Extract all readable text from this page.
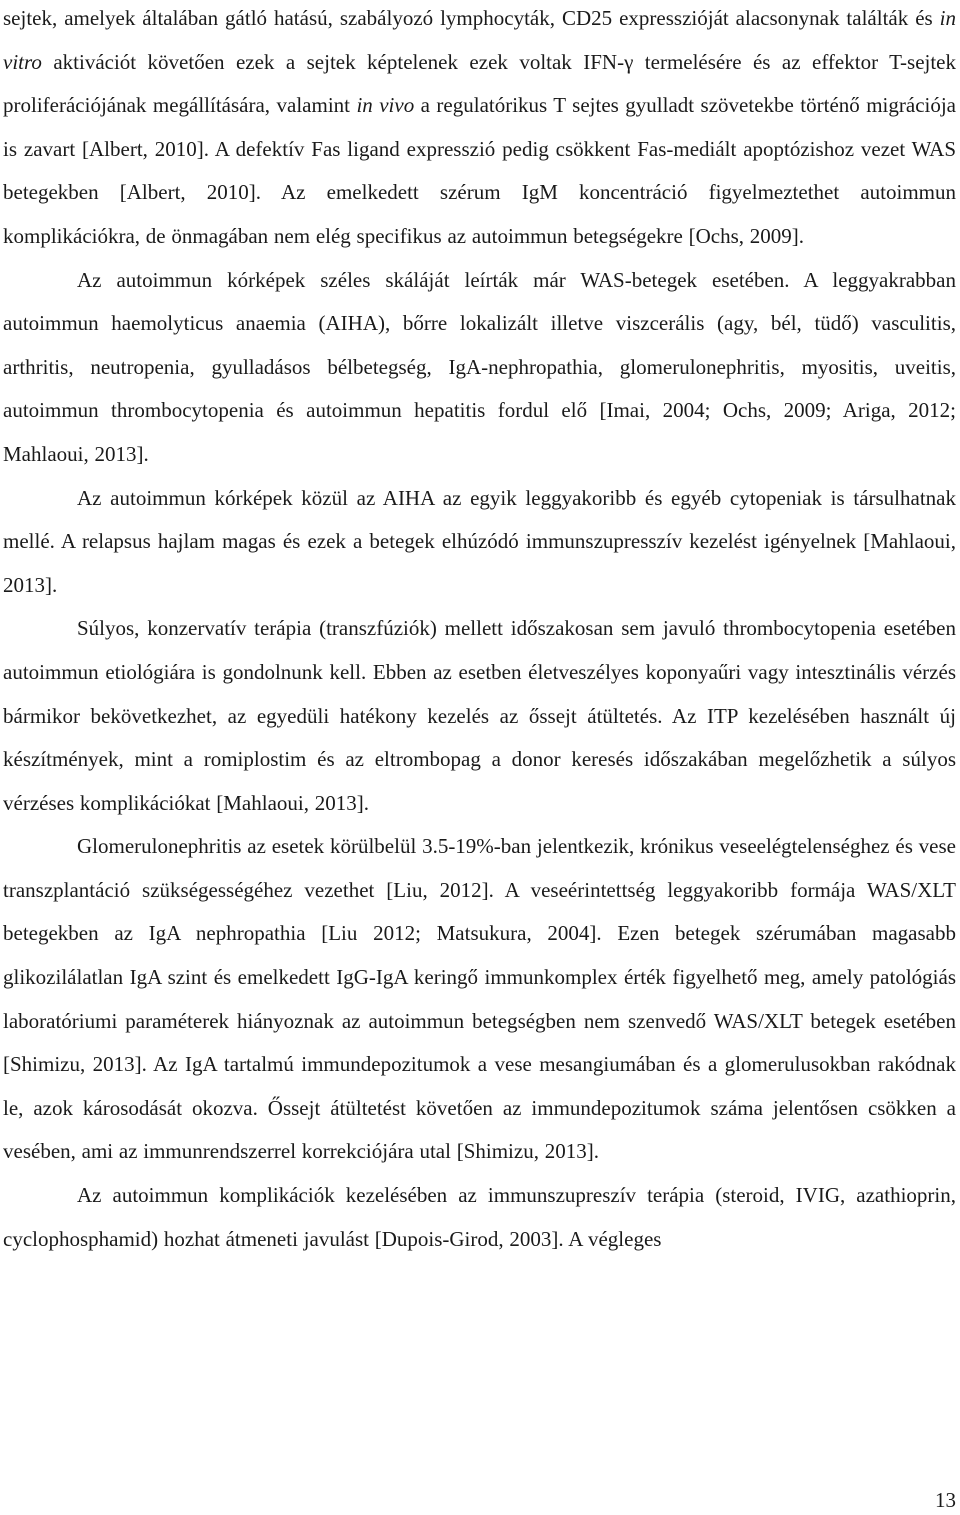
sejtek, amelyek általában gátló hatású, szabályozó lymphocyták, CD25 expresszióját alacsonynak találták és in vitro aktivációt követően ezek a sejtek képtelenek ezek voltak IFN-γ termelésére és az effektor T-sejtek proliferációjának megállítására, valamint in vivo a regulatórikus T sejtes gyulladt szövetekbe történő migrációja is zavart [Albert, 2010]. A defektív Fas ligand expresszió pedig csökkent Fas-mediált apoptózishoz vezet WAS betegekben [Albert, 2010]. Az emelkedett szérum IgM koncentráció figyelmeztethet autoimmun komplikációkra, de önmagában nem elég specifikus az autoimmun betegségekre [Ochs, 2009].

Az autoimmun kórképek széles skáláját leírták már WAS-betegek esetében. A leggyakrabban autoimmun haemolyticus anaemia (AIHA), bőrre lokalizált illetve viszcerális (agy, bél, tüdő) vasculitis, arthritis, neutropenia, gyulladásos bélbetegség, IgA-nephropathia, glomerulonephritis, myositis, uveitis, autoimmun thrombocytopenia és autoimmun hepatitis fordul elő [Imai, 2004; Ochs, 2009; Ariga, 2012; Mahlaoui, 2013].

Az autoimmun kórképek közül az AIHA az egyik leggyakoribb és egyéb cytopeniak is társulhatnak mellé. A relapsus hajlam magas és ezek a betegek elhúzódó immunszupresszív kezelést igényelnek [Mahlaoui, 2013].

Súlyos, konzervatív terápia (transzfúziók) mellett időszakosan sem javuló thrombocytopenia esetében autoimmun etiológiára is gondolnunk kell. Ebben az esetben életveszélyes koponyaűri vagy intesztinális vérzés bármikor bekövetkezhet, az egyedüli hatékony kezelés az őssejt átültetés. Az ITP kezelésében használt új készítmények, mint a romiplostim és az eltrombopag a donor keresés időszakában megelőzhetik a súlyos vérzéses komplikációkat [Mahlaoui, 2013].

Glomerulonephritis az esetek körülbelül 3.5-19%-ban jelentkezik, krónikus veseelégtelenséghez és vese transzplantáció szükségességéhez vezethet [Liu, 2012]. A veseérintettség leggyakoribb formája WAS/XLT betegekben az IgA nephropathia [Liu 2012; Matsukura, 2004]. Ezen betegek szérumában magasabb glikozilálatlan IgA szint és emelkedett IgG-IgA keringő immunkomplex érték figyelhető meg, amely patológiás laboratóriumi paraméterek hiányoznak az autoimmun betegségben nem szenvedő WAS/XLT betegek esetében [Shimizu, 2013]. Az IgA tartalmú immundepozitumok a vese mesangiumában és a glomerulusokban rakódnak le, azok károsodását okozva. Őssejt átültetést követően az immundepozitumok száma jelentősen csökken a vesében, ami az immunrendszerrel korrekciójára utal [Shimizu, 2013].

Az autoimmun komplikációk kezelésében az immunszupreszív terápia (steroid, IVIG, azathioprin, cyclophosphamid) hozhat átmeneti javulást [Dupois-Girod, 2003]. A végleges

13
